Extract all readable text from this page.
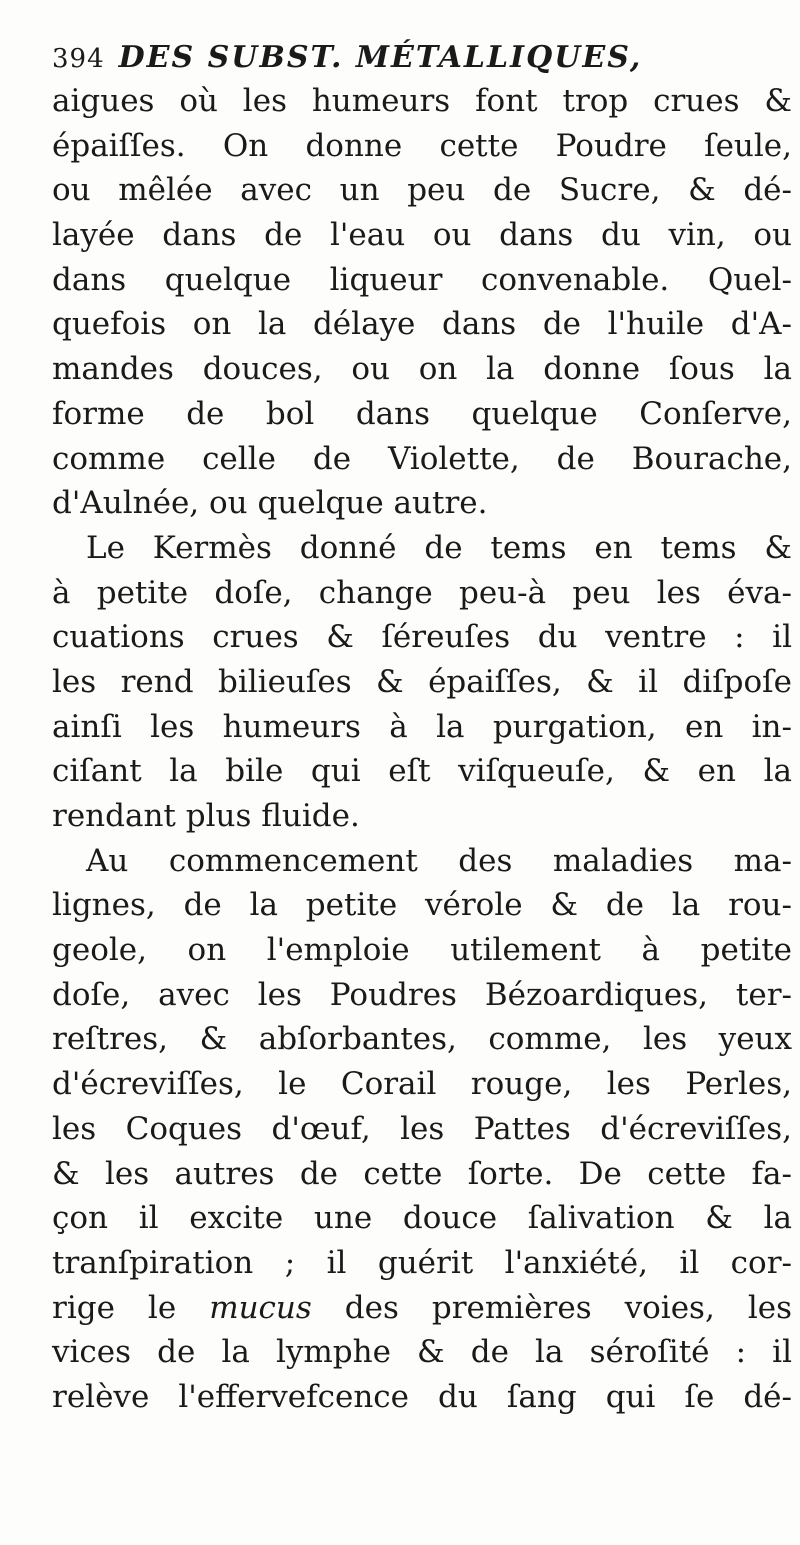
394 DES SUBST. MÉTALLIQUES,
aigues où les humeurs font trop crues &
épaiſſes. On donne cette Poudre ſeule,
ou mêlée avec un peu de Sucre, & dé-
layée dans de l'eau ou dans du vin, ou
dans quelque liqueur convenable. Quel-
quefois on la délaye dans de l'huile d'A-
mandes douces, ou on la donne ſous la
forme de bol dans quelque Conſerve,
comme celle de Violette, de Bourache,
d'Aulnée, ou quelque autre.
Le Kermès donné de tems en tems &
à petite doſe, change peu-à peu les éva-
cuations crues & ſéreuſes du ventre : il
les rend bilieuſes & épaiſſes, & il diſpoſe
ainſi les humeurs à la purgation, en in-
ciſant la bile qui eſt viſqueuſe, & en la
rendant plus fluide.
Au commencement des maladies ma-
lignes, de la petite vérole & de la rou-
geole, on l'emploie utilement à petite
doſe, avec les Poudres Bézoardiques, ter-
reſtres, & abſorbantes, comme, les yeux
d'écreviſſes, le Corail rouge, les Perles,
les Coques d'œuf, les Pattes d'écreviſſes,
& les autres de cette ſorte. De cette fa-
çon il excite une douce ſalivation & la
tranſpiration ; il guérit l'anxiété, il cor-
rige le mucus des premières voies, les
vices de la lymphe & de la séroſité : il
relève l'effervefcence du ſang qui ſe dé-
